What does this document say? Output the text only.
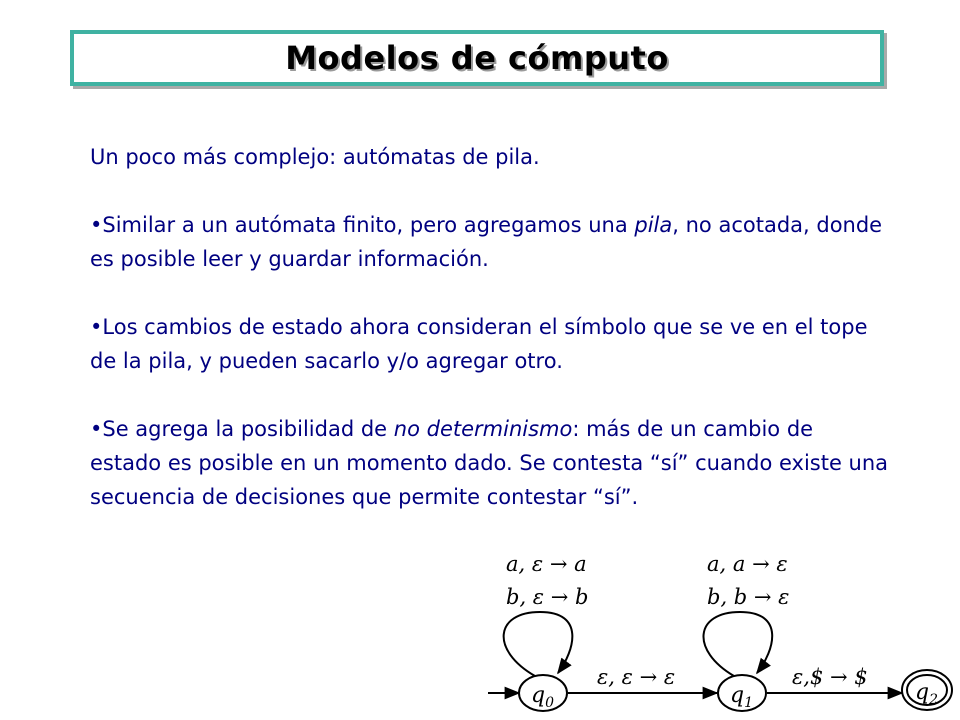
Modelos de cómputo

Un poco más complejo: autómatas de pila.

•Similar a un autómata finito, pero agregamos una pila, no acotada, donde es posible leer y guardar información.

•Los cambios de estado ahora consideran el símbolo que se ve en el tope de la pila, y pueden sacarlo y/o agregar otro.

•Se agrega la posibilidad de no determinismo: más de un cambio de estado es posible en un momento dado. Se contesta “sí” cuando existe una secuencia de decisiones que permite contestar “sí”.

$q_0$
a, ε → a
b, ε → b
ε, ε → ε
$q_1$
a, a → ε
b, b → ε
ε,$ → $
$q_2$
